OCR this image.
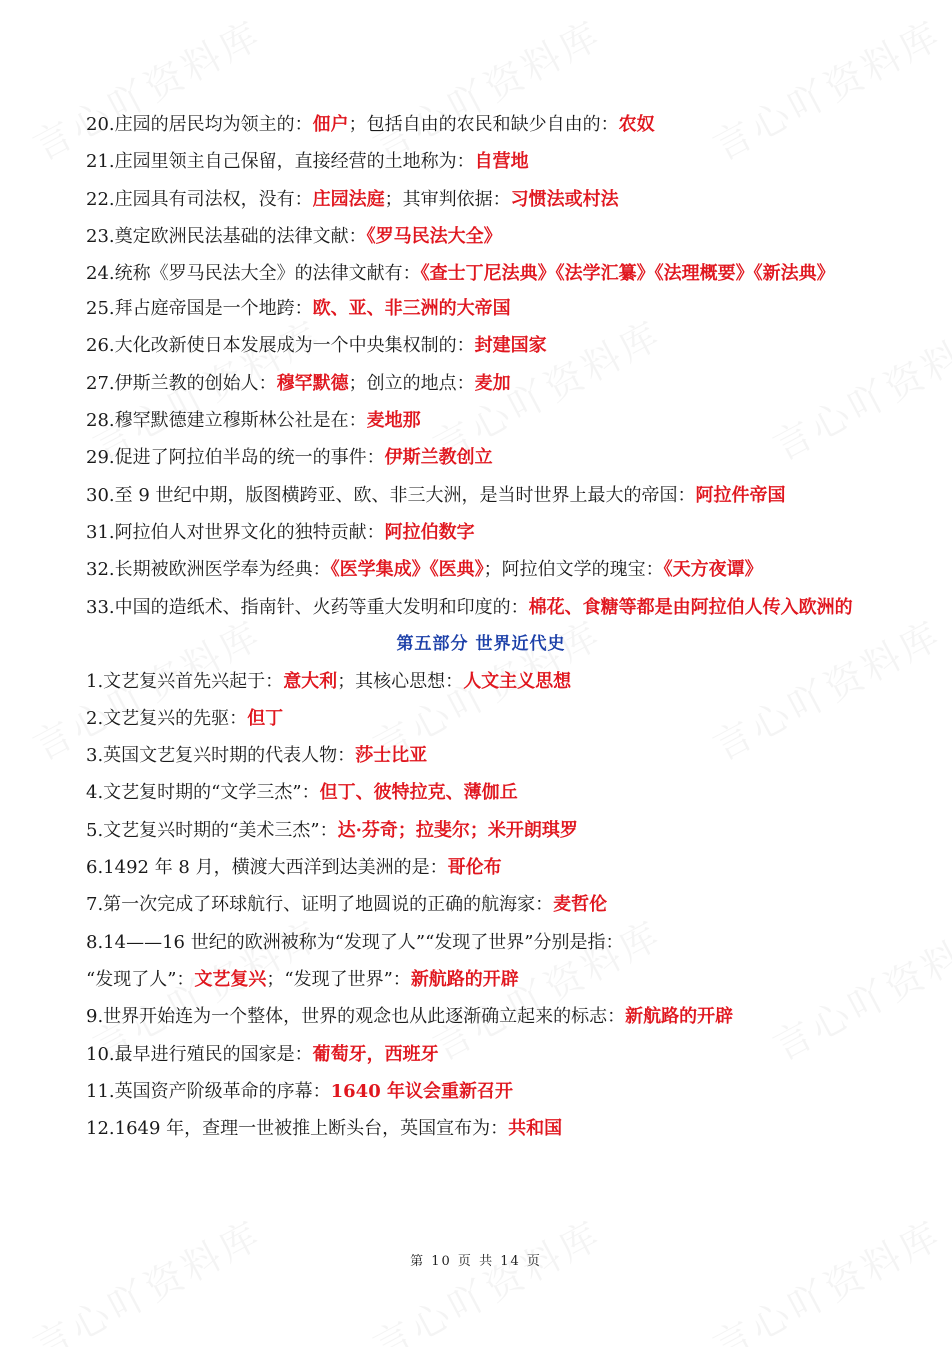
20.庄园的居民均为领主的：佃户；包括自由的农民和缺少自由的：农奴
21.庄园里领主自己保留，直接经营的土地称为：自营地
22.庄园具有司法权，没有：庄园法庭；其审判依据：习惯法或村法
23.奠定欧洲民法基础的法律文献：《罗马民法大全》
24.统称《罗马民法大全》的法律文献有：《查士丁尼法典》《法学汇纂》《法理概要》《新法典》
25.拜占庭帝国是一个地跨：欧、亚、非三洲的大帝国
26.大化改新使日本发展成为一个中央集权制的：封建国家
27.伊斯兰教的创始人：穆罕默德；创立的地点：麦加
28.穆罕默德建立穆斯林公社是在：麦地那
29.促进了阿拉伯半岛的统一的事件：伊斯兰教创立
30.至 9 世纪中期，版图横跨亚、欧、非三大洲，是当时世界上最大的帝国：阿拉件帝国
31.阿拉伯人对世界文化的独特贡献：阿拉伯数字
32.长期被欧洲医学奉为经典：《医学集成》《医典》；阿拉伯文学的瑰宝：《天方夜谭》
33.中国的造纸术、指南针、火药等重大发明和印度的：棉花、食糖等都是由阿拉伯人传入欧洲的
第五部分 世界近代史
1.文艺复兴首先兴起于：意大利；其核心思想：人文主义思想
2.文艺复兴的先驱：但丁
3.英国文艺复兴时期的代表人物：莎士比亚
4.文艺复时期的“文学三杰”：但丁、彼特拉克、薄伽丘
5.文艺复兴时期的“美术三杰”：达·芬奇；拉斐尔；米开朗琪罗
6.1492 年 8 月，横渡大西洋到达美洲的是：哥伦布
7.第一次完成了环球航行、证明了地圆说的正确的航海家：麦哲伦
8.14——16 世纪的欧洲被称为“发现了人”“发现了世界”分别是指：
“发现了人”：文艺复兴；“发现了世界”：新航路的开辟
9.世界开始连为一个整体，世界的观念也从此逐渐确立起来的标志：新航路的开辟
10.最早进行殖民的国家是：葡萄牙，西班牙
11.英国资产阶级革命的序幕：1640 年议会重新召开
12.1649 年，查理一世被推上断头台，英国宣布为：共和国
第 10 页 共 14 页
